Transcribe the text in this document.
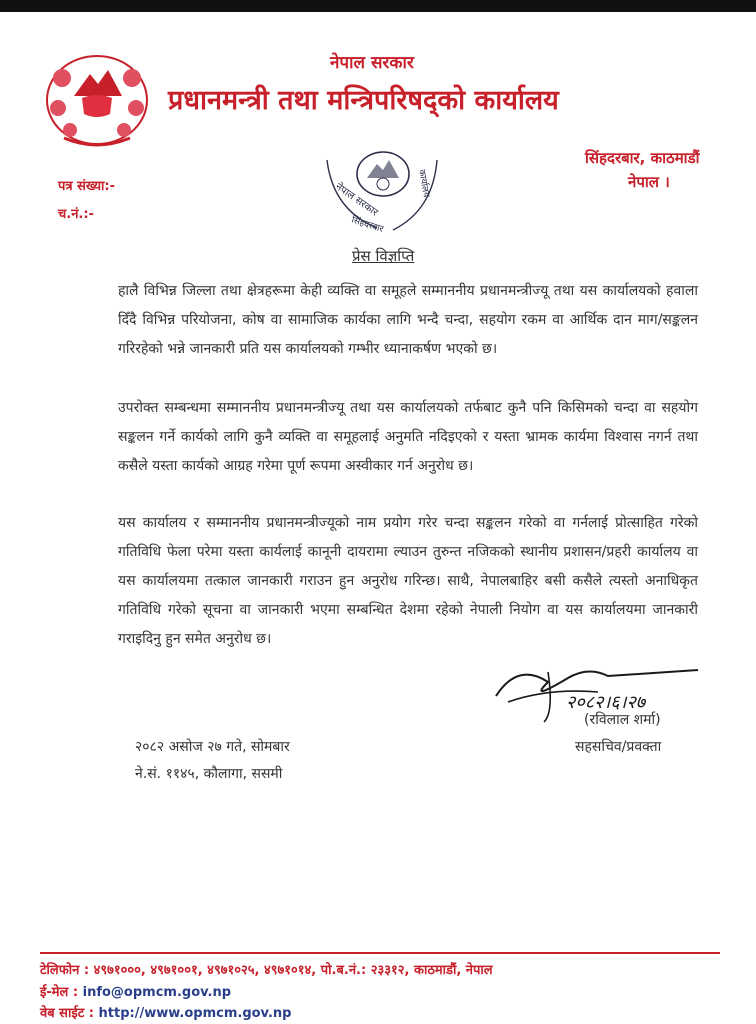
नेपाल सरकार
प्रधानमन्त्री तथा मन्त्रिपरिषद्को कार्यालय
सिंहदरबार, काठमाडौं
नेपाल ।
पत्र संख्या:-
च.नं.:-	नेपाल सरकार	कार्यालय
सिंहदरबार
प्रेस विज्ञप्ति

हालै विभिन्न जिल्ला तथा क्षेत्रहरूमा केही व्यक्ति वा समूहले सम्माननीय प्रधानमन्त्रीज्यू तथा यस कार्यालयको हवाला दिँदै विभिन्न परियोजना, कोष वा सामाजिक कार्यका लागि भन्दै चन्दा, सहयोग रकम वा आर्थिक दान माग/सङ्कलन गरिरहेको भन्ने जानकारी प्रति यस कार्यालयको गम्भीर ध्यानाकर्षण भएको छ।

उपरोक्त सम्बन्धमा सम्माननीय प्रधानमन्त्रीज्यू तथा यस कार्यालयको तर्फबाट कुनै पनि किसिमको चन्दा वा सहयोग सङ्कलन गर्ने कार्यको लागि कुनै व्यक्ति वा समूहलाई अनुमति नदिइएको र यस्ता भ्रामक कार्यमा विश्वास नगर्न तथा कसैले यस्ता कार्यको आग्रह गरेमा पूर्ण रूपमा अस्वीकार गर्न अनुरोध छ।

यस कार्यालय र सम्माननीय प्रधानमन्त्रीज्यूको नाम प्रयोग गरेर चन्दा सङ्कलन गरेको वा गर्नलाई प्रोत्साहित गरेको गतिविधि फेला परेमा यस्ता कार्यलाई कानूनी दायरामा ल्याउन तुरुन्त नजिकको स्थानीय प्रशासन/प्रहरी कार्यालय वा यस कार्यालयमा तत्काल जानकारी गराउन हुन अनुरोध गरिन्छ। साथै, नेपालबाहिर बसी कसैले त्यस्तो अनाधिकृत गतिविधि गरेको सूचना वा जानकारी भएमा सम्बन्धित देशमा रहेको नेपाली नियोग वा यस कार्यालयमा जानकारी गराइदिनु हुन समेत अनुरोध छ।

२०८२।६।२७
(रविलाल शर्मा)
सहसचिव/प्रवक्ता
२०८२ असोज २७ गते, सोमबार
ने.सं. ११४५, कौलागा, ससमी
टेलिफोन : ४९७१०००, ४९७१००१, ४९७१०२५, ४९७१०१४, पो.ब.नं.: २३३१२, काठमाडौं, नेपाल
ई-मेल : info@opmcm.gov.np
वेब साईट : http://www.opmcm.gov.np
